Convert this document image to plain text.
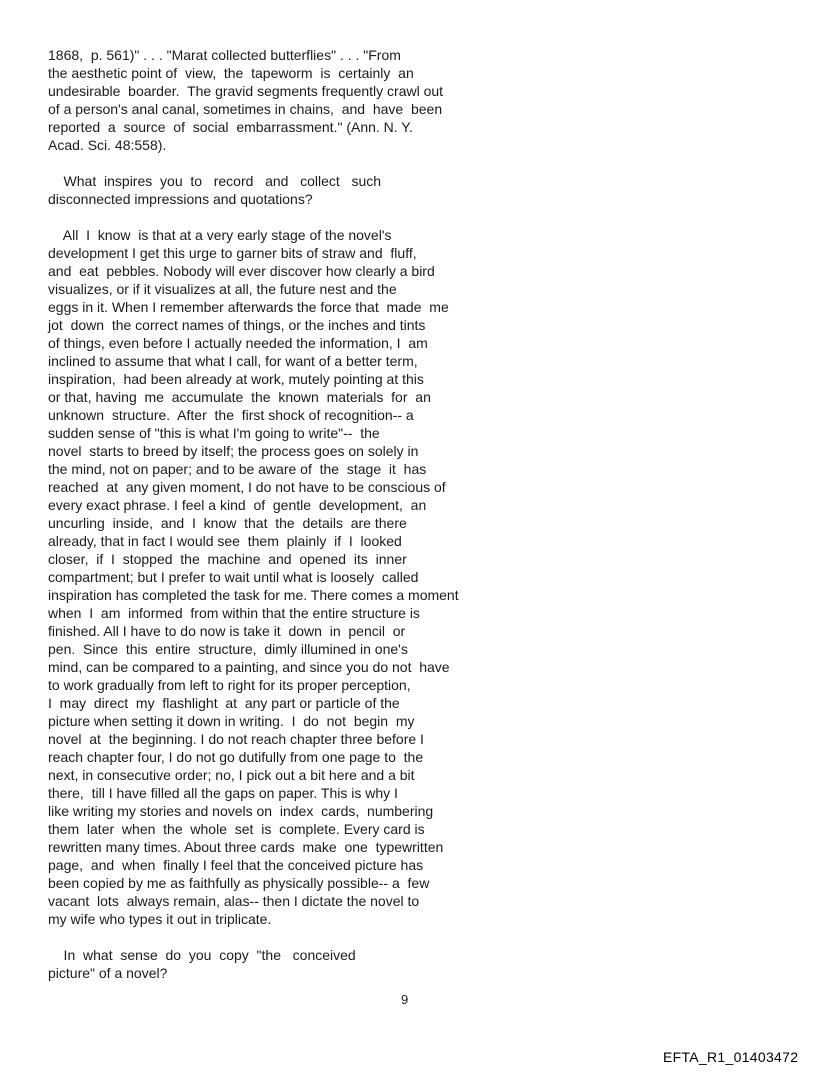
1868,  p. 561)" . . . "Marat collected butterflies" . . . "From
the aesthetic point of  view,  the  tapeworm  is  certainly  an
undesirable  boarder.  The gravid segments frequently crawl out
of a person's anal canal, sometimes in chains,  and  have  been
reported  a  source  of  social  embarrassment." (Ann. N. Y.
Acad. Sci. 48:558).
What  inspires  you  to   record   and   collect   such
disconnected impressions and quotations?
All  I  know  is that at a very early stage of the novel's
development I get this urge to garner bits of straw and  fluff,
and  eat  pebbles. Nobody will ever discover how clearly a bird
visualizes, or if it visualizes at all, the future nest and the
eggs in it. When I remember afterwards the force that  made  me
jot  down  the correct names of things, or the inches and tints
of things, even before I actually needed the information, I  am
inclined to assume that what I call, for want of a better term,
inspiration,  had been already at work, mutely pointing at this
or that, having  me  accumulate  the  known  materials  for  an
unknown  structure.  After  the  first shock of recognition-- a
sudden sense of "this is what I'm going to write"--  the
novel  starts to breed by itself; the process goes on solely in
the mind, not on paper; and to be aware of  the  stage  it  has
reached  at  any given moment, I do not have to be conscious of
every exact phrase. I feel a kind  of  gentle  development,  an
uncurling  inside,  and  I  know  that  the  details  are there
already, that in fact I would see  them  plainly  if  I  looked
closer,  if  I  stopped  the  machine  and  opened  its  inner
compartment; but I prefer to wait until what is loosely  called
inspiration has completed the task for me. There comes a moment
when  I  am  informed  from within that the entire structure is
finished. All I have to do now is take it  down  in  pencil  or
pen.  Since  this  entire  structure,  dimly illumined in one's
mind, can be compared to a painting, and since you do not  have
to work gradually from left to right for its proper perception,
I  may  direct  my  flashlight  at  any part or particle of the
picture when setting it down in writing.  I  do  not  begin  my
novel  at  the beginning. I do not reach chapter three before I
reach chapter four, I do not go dutifully from one page to  the
next, in consecutive order; no, I pick out a bit here and a bit
there,  till I have filled all the gaps on paper. This is why I
like writing my stories and novels on  index  cards,  numbering
them  later  when  the  whole  set  is  complete. Every card is
rewritten many times. About three cards  make  one  typewritten
page,  and  when  finally I feel that the conceived picture has
been copied by me as faithfully as physically possible-- a  few
vacant  lots  always remain, alas-- then I dictate the novel to
my wife who types it out in triplicate.
In  what  sense  do  you  copy  "the   conceived
picture" of a novel?
9
EFTA_R1_01403472
